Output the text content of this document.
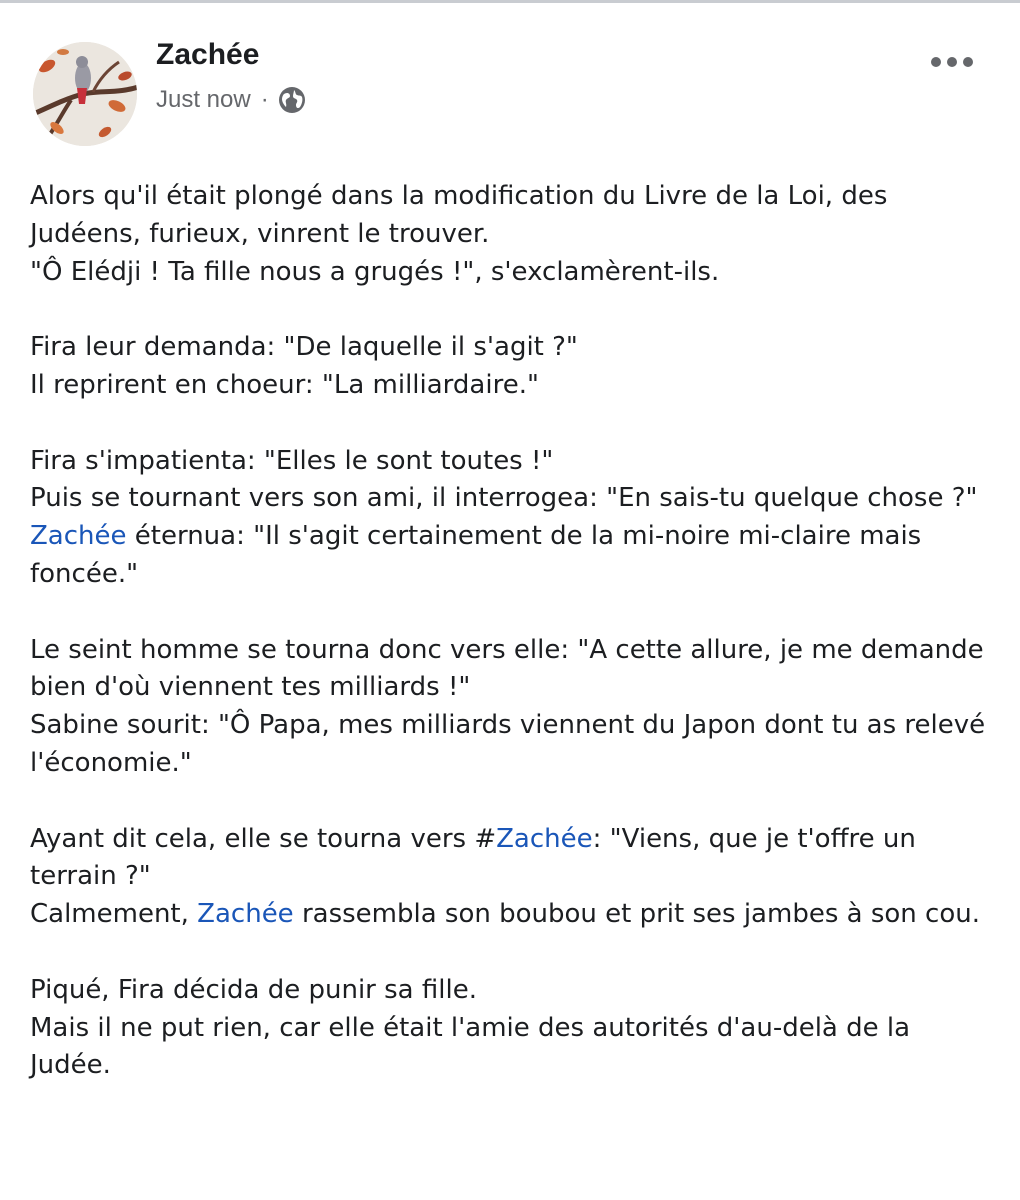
Zachée
Just now ·
Alors qu'il était plongé dans la modification du Livre de la Loi, des Judéens, furieux, vinrent le trouver.
"Ô Elédji ! Ta fille nous a grugés !", s'exclamèrent-ils.
Fira leur demanda: "De laquelle il s'agit ?"
Il reprirent en choeur: "La milliardaire."
Fira s'impatienta: "Elles le sont toutes !"
Puis se tournant vers son ami, il interrogea: "En sais-tu quelque chose ?"
Zachée éternua: "Il s'agit certainement de la mi-noire mi-claire mais foncée."
Le seint homme se tourna donc vers elle: "A cette allure, je me demande bien d'où viennent tes milliards !"
Sabine sourit: "Ô Papa, mes milliards viennent du Japon dont tu as relevé l'économie."
Ayant dit cela, elle se tourna vers #Zachée: "Viens, que je t'offre un terrain ?"
Calmement, Zachée rassembla son boubou et prit ses jambes à son cou.
Piqué, Fira décida de punir sa fille.
Mais il ne put rien, car elle était l'amie des autorités d'au-delà de la Judée.
